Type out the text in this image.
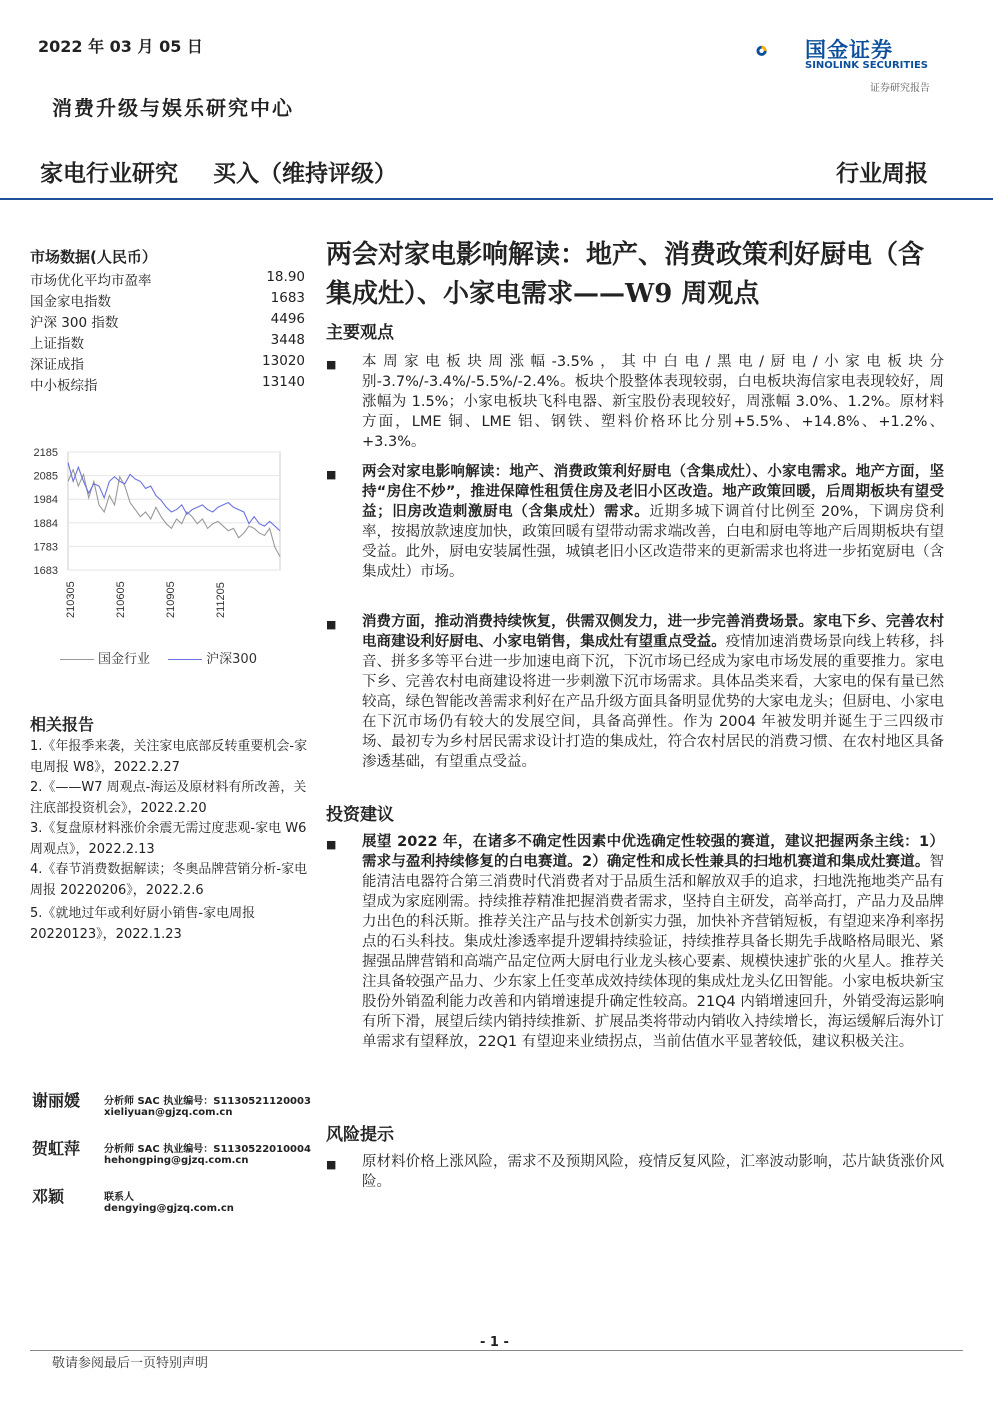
2022 年 03 月 05 日
消费升级与娱乐研究中心
国金证券
SINOLINK SECURITIES
证券研究报告
家电行业研究 买入（维持评级）	行业周报
市场数据(人民币）
市场优化平均市盈率	18.90
国金家电指数	1683
沪深 300 指数	4496
上证指数	3448
深证成指	13020
中小板综指	13140
2185
2085
1984
1884
1783
1683
210305	210605	210905	211205
国金行业	沪深300
相关报告
1.《年报季来袭，关注家电底部反转重要机会-家电周报 W8》，2022.2.27
2.《——W7 周观点-海运及原材料有所改善，关注底部投资机会》，2022.2.20
3.《复盘原材料涨价余震无需过度悲观-家电 W6 周观点》，2022.2.13
4.《春节消费数据解读；冬奥品牌营销分析-家电周报 20220206》，2022.2.6
5.《就地过年或利好厨小销售-家电周报 20220123》，2022.1.23
谢丽媛 分析师 SAC 执业编号：S1130521120003
xieliyuan@gjzq.com.cn
贺虹萍 分析师 SAC 执业编号：S1130522010004
hehongping@gjzq.com.cn
邓颖	联系人
dengying@gjzq.com.cn
两会对家电影响解读：地产、消费政策利好厨电（含集成灶）、小家电需求——W9 周观点
主要观点
■ 本周家电板块周涨幅-3.5%，其中白电/黑电/厨电/小家电板块分别-3.7%/-3.4%/-5.5%/-2.4%。板块个股整体表现较弱，白电板块海信家电表现较好，周涨幅为 1.5%；小家电板块飞科电器、新宝股份表现较好，周涨幅 3.0%、1.2%。原材料方面，LME 铜、LME 铝、钢铁、塑料价格环比分别+5.5%、+14.8%、+1.2%、+3.3%。
■ 两会对家电影响解读：地产、消费政策利好厨电（含集成灶）、小家电需求。地产方面，坚持“房住不炒”，推进保障性租赁住房及老旧小区改造。地产政策回暖，后周期板块有望受益；旧房改造刺激厨电（含集成灶）需求。近期多城下调首付比例至 20%，下调房贷利率，按揭放款速度加快，政策回暖有望带动需求端改善，白电和厨电等地产后周期板块有望受益。此外，厨电安装属性强，城镇老旧小区改造带来的更新需求也将进一步拓宽厨电（含集成灶）市场。
■ 消费方面，推动消费持续恢复，供需双侧发力，进一步完善消费场景。家电下乡、完善农村电商建设利好厨电、小家电销售，集成灶有望重点受益。疫情加速消费场景向线上转移，抖音、拼多多等平台进一步加速电商下沉，下沉市场已经成为家电市场发展的重要推力。家电下乡、完善农村电商建设将进一步刺激下沉市场需求。具体品类来看，大家电的保有量已然较高，绿色智能改善需求利好在产品升级方面具备明显优势的大家电龙头；但厨电、小家电在下沉市场仍有较大的发展空间，具备高弹性。作为 2004 年被发明并诞生于三四级市场、最初专为乡村居民需求设计打造的集成灶，符合农村居民的消费习惯、在农村地区具备渗透基础，有望重点受益。
投资建议
■ 展望 2022 年，在诸多不确定性因素中优选确定性较强的赛道，建议把握两条主线：1）需求与盈利持续修复的白电赛道。2）确定性和成长性兼具的扫地机赛道和集成灶赛道。智能清洁电器符合第三消费时代消费者对于品质生活和解放双手的追求，扫地洗拖地类产品有望成为家庭刚需。持续推荐精准把握消费者需求，坚持自主研发，高举高打，产品力及品牌力出色的科沃斯。推荐关注产品与技术创新实力强，加快补齐营销短板，有望迎来净利率拐点的石头科技。集成灶渗透率提升逻辑持续验证，持续推荐具备长期先手战略格局眼光、紧握强品牌营销和高端产品定位两大厨电行业龙头核心要素、规模快速扩张的火星人。推荐关注具备较强产品力、少东家上任变革成效持续体现的集成灶龙头亿田智能。小家电板块新宝股份外销盈利能力改善和内销增速提升确定性较高。21Q4 内销增速回升，外销受海运影响有所下滑，展望后续内销持续推新、扩展品类将带动内销收入持续增长，海运缓解后海外订单需求有望释放，22Q1 有望迎来业绩拐点，当前估值水平显著较低，建议积极关注。
风险提示
■ 原材料价格上涨风险，需求不及预期风险，疫情反复风险，汇率波动影响，芯片缺货涨价风险。
- 1 -
敬请参阅最后一页特别声明
